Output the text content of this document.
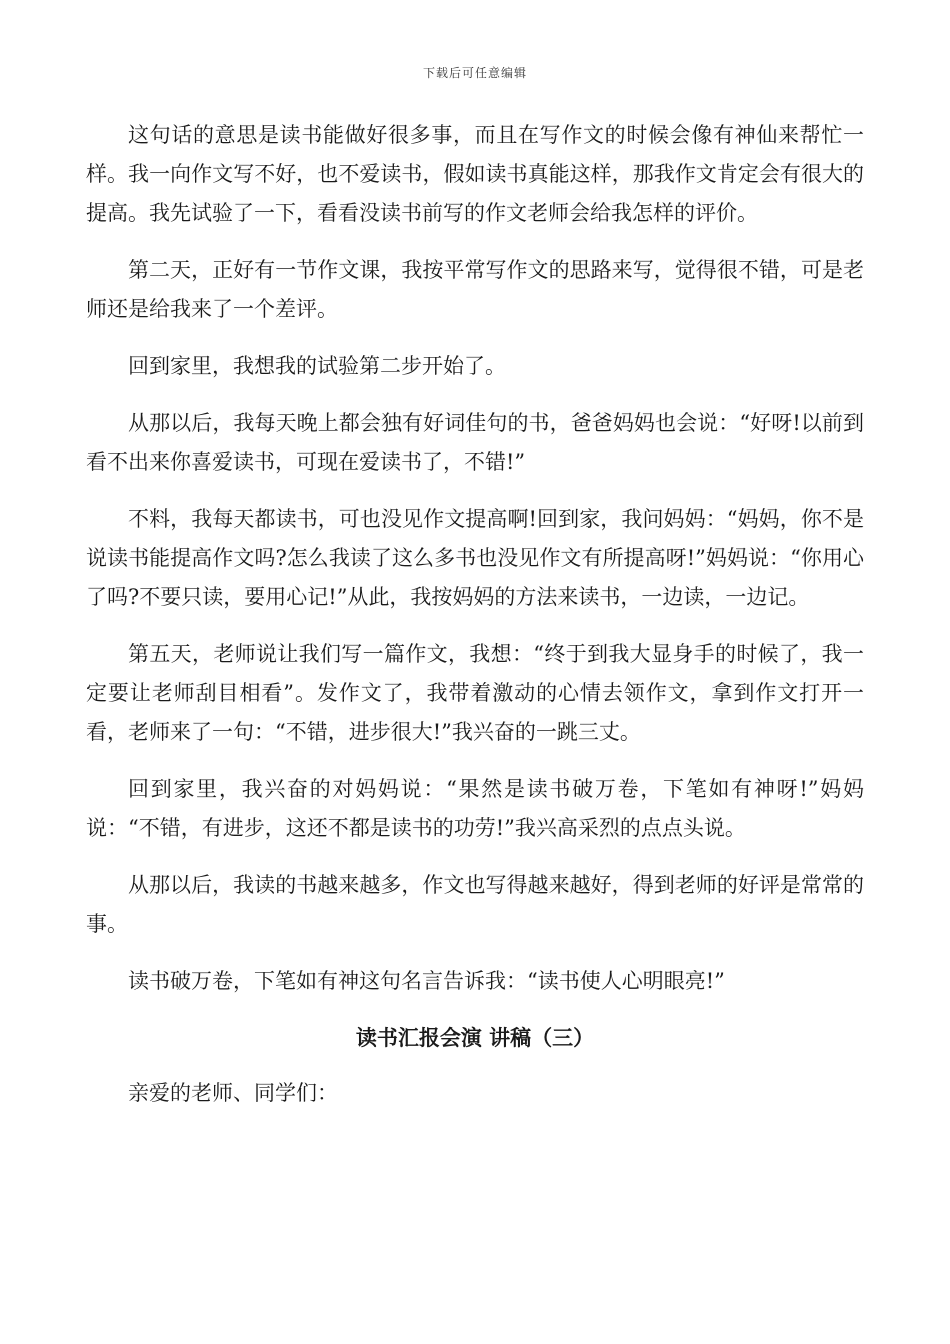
下载后可任意编辑

这句话的意思是读书能做好很多事，而且在写作文的时候会像有神仙来帮忙一样。我一向作文写不好，也不爱读书，假如读书真能这样，那我作文肯定会有很大的提高。我先试验了一下，看看没读书前写的作文老师会给我怎样的评价。

第二天，正好有一节作文课，我按平常写作文的思路来写，觉得很不错，可是老师还是给我来了一个差评。

回到家里，我想我的试验第二步开始了。

从那以后，我每天晚上都会独有好词佳句的书，爸爸妈妈也会说：“好呀!以前到看不出来你喜爱读书，可现在爱读书了，不错!”

不料，我每天都读书，可也没见作文提高啊!回到家，我问妈妈：“妈妈，你不是说读书能提高作文吗?怎么我读了这么多书也没见作文有所提高呀!”妈妈说：“你用心了吗?不要只读，要用心记!”从此，我按妈妈的方法来读书，一边读，一边记。

第五天，老师说让我们写一篇作文，我想：“终于到我大显身手的时候了，我一定要让老师刮目相看”。发作文了，我带着激动的心情去领作文，拿到作文打开一看，老师来了一句：“不错，进步很大!”我兴奋的一跳三丈。

回到家里，我兴奋的对妈妈说：“果然是读书破万卷，下笔如有神呀!”妈妈说：“不错，有进步，这还不都是读书的功劳!”我兴高采烈的点点头说。

从那以后，我读的书越来越多，作文也写得越来越好，得到老师的好评是常常的事。

读书破万卷，下笔如有神这句名言告诉我：“读书使人心明眼亮!”

读书汇报会演 讲稿（三）

亲爱的老师、同学们：
